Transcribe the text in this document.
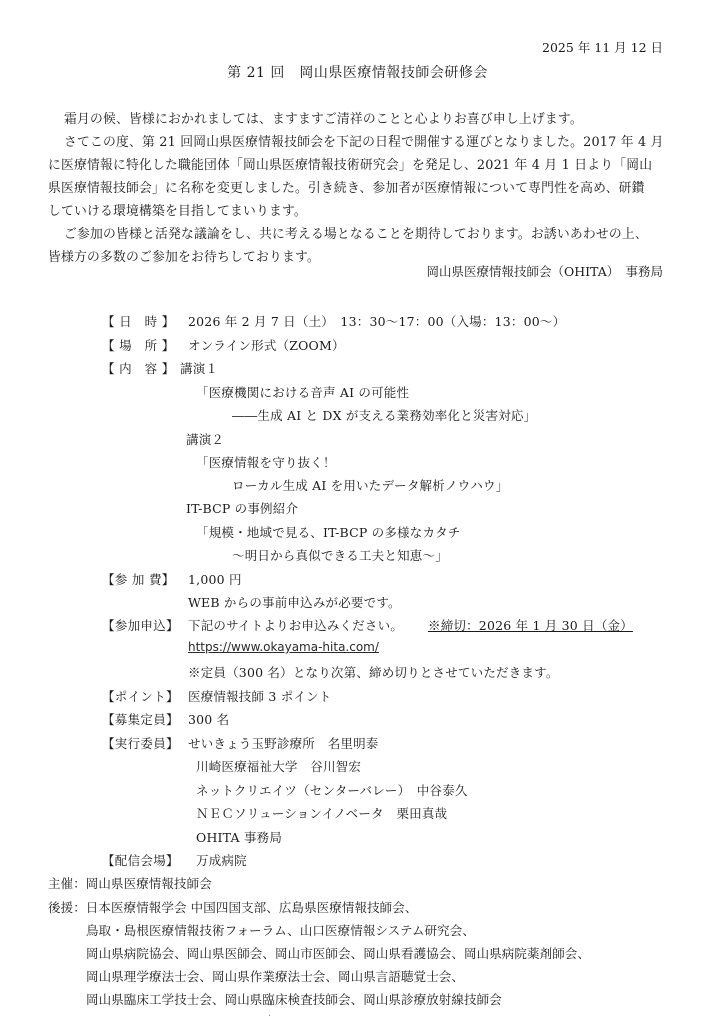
2025 年 11 月 12 日
第 21 回　岡山県医療情報技師会研修会
霜月の候、皆様におかれましては、ますますご清祥のことと心よりお喜び申し上げます。
さてこの度、第 21 回岡山県医療情報技師会を下記の日程で開催する運びとなりました。2017 年 4 月
に医療情報に特化した職能団体「岡山県医療情報技術研究会」を発足し、2021 年 4 月 1 日より「岡山
県医療情報技師会」に名称を変更しました。引き続き、参加者が医療情報について専門性を高め、研鑽
していける環境構築を目指してまいります。
ご参加の皆様と活発な議論をし、共に考える場となることを期待しております。お誘いあわせの上、
皆様方の多数のご参加をお待ちしております。
岡山県医療情報技師会（OHITA）　事務局
【 日　時 】 2026 年 2 月 7 日（土）　13：30～17：00（入場：13：00～）
【 場　所 】 オンライン形式（ZOOM）
【 内　容 】 講演１
「医療機関における音声 AI の可能性
――生成 AI と DX が支える業務効率化と災害対応」
講演２
「医療情報を守り抜く！
ローカル生成 AI を用いたデータ解析ノウハウ」
IT-BCP の事例紹介
「規模・地域で見る、IT-BCP の多様なカタチ
～明日から真似できる工夫と知恵～」
【参 加 費】 1,000 円
WEB からの事前申込みが必要です。
【参加申込】 下記のサイトよりお申込みください。 ※締切：2026 年 1 月 30 日（金）
https://www.okayama-hita.com/
※定員（300 名）となり次第、締め切りとさせていただきます。
【ポイント】 医療情報技師 3 ポイント
【募集定員】 300 名
【実行委員】 せいきょう玉野診療所　名里明泰
川崎医療福祉大学　谷川智宏
ネットクリエイツ（センターバレー）　中谷泰久
ＮＥＣソリューションイノベータ　栗田真哉
OHITA 事務局
【配信会場】 万成病院
主催：岡山県医療情報技師会
後援：日本医療情報学会 中国四国支部、広島県医療情報技師会、
鳥取・島根医療情報技術フォーラム、山口医療情報システム研究会、
岡山県病院協会、岡山県医師会、岡山市医師会、岡山県看護協会、岡山県病院薬剤師会、
岡山県理学療法士会、岡山県作業療法士会、岡山県言語聴覚士会、
岡山県臨床工学技士会、岡山県臨床検査技師会、岡山県診療放射線技師会
.
